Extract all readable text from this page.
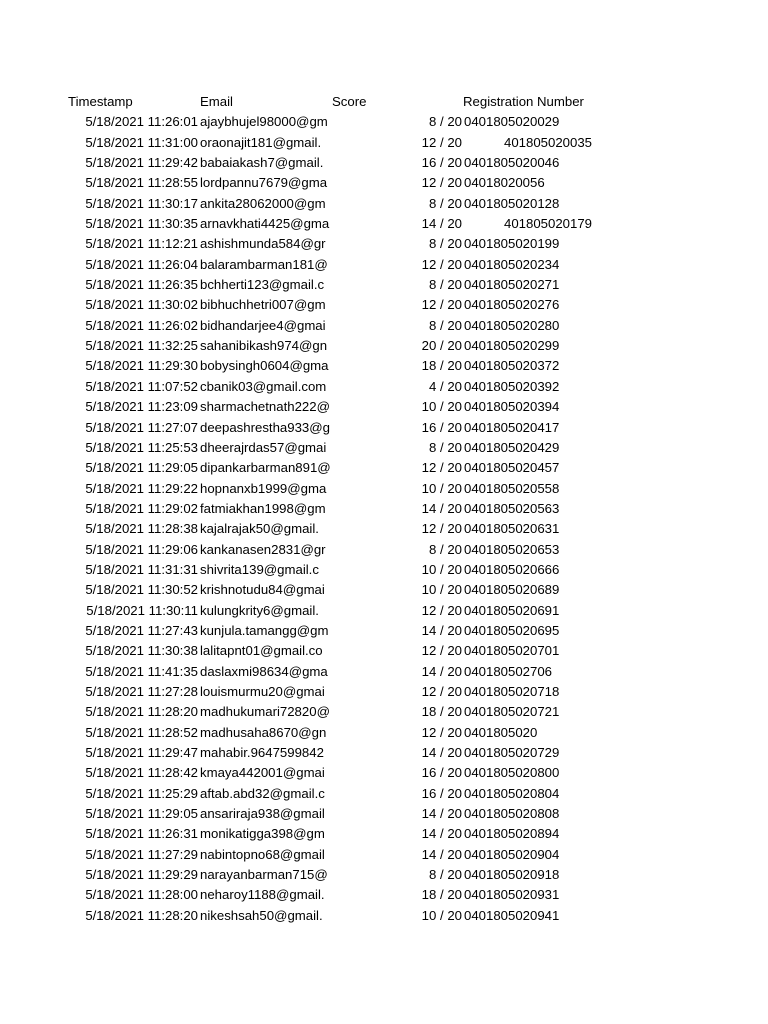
Timestamp	Email	Score	Registration Number
5/18/2021 11:26:01 ajaybhujel98000@gm	8 / 20 0401805020029
5/18/2021 11:31:00 oraonajit181@gmail.	12 / 20	401805020035
5/18/2021 11:29:42 babaiakash7@gmail.	16 / 20 0401805020046
5/18/2021 11:28:55 lordpannu7679@gma	12 / 20 04018020056
5/18/2021 11:30:17 ankita28062000@gm	8 / 20 0401805020128
5/18/2021 11:30:35 arnavkhati4425@gma	14 / 20	401805020179
5/18/2021 11:12:21 ashishmunda584@gr	8 / 20 0401805020199
5/18/2021 11:26:04 balarambarman181@	12 / 20 0401805020234
5/18/2021 11:26:35 bchherti123@gmail.c	8 / 20 0401805020271
5/18/2021 11:30:02 bibhuchhetri007@gm	12 / 20 0401805020276
5/18/2021 11:26:02 bidhandarjee4@gmai	8 / 20 0401805020280
5/18/2021 11:32:25 sahanibikash974@gn	20 / 20 0401805020299
5/18/2021 11:29:30 bobysingh0604@gma	18 / 20 0401805020372
5/18/2021 11:07:52 cbanik03@gmail.com	4 / 20 0401805020392
5/18/2021 11:23:09 sharmachetnath222@	10 / 20 0401805020394
5/18/2021 11:27:07 deepashrestha933@g	16 / 20 0401805020417
5/18/2021 11:25:53 dheerajrdas57@gmai	8 / 20 0401805020429
5/18/2021 11:29:05 dipankarbarman891@	12 / 20 0401805020457
5/18/2021 11:29:22 hopnanxb1999@gma	10 / 20 0401805020558
5/18/2021 11:29:02 fatmiakhan1998@gm	14 / 20 0401805020563
5/18/2021 11:28:38 kajalrajak50@gmail.	12 / 20 0401805020631
5/18/2021 11:29:06 kankanasen2831@gr	8 / 20 0401805020653
5/18/2021 11:31:31 shivrita139@gmail.c	10 / 20 0401805020666
5/18/2021 11:30:52 krishnotudu84@gmai	10 / 20 0401805020689
5/18/2021 11:30:11 kulungkrity6@gmail.	12 / 20 0401805020691
5/18/2021 11:27:43 kunjula.tamangg@gm	14 / 20 0401805020695
5/18/2021 11:30:38 lalitapnt01@gmail.co	12 / 20 0401805020701
5/18/2021 11:41:35 daslaxmi98634@gma	14 / 20 040180502706
5/18/2021 11:27:28 louismurmu20@gmai	12 / 20 0401805020718
5/18/2021 11:28:20 madhukumari72820@	18 / 20 0401805020721
5/18/2021 11:28:52 madhusaha8670@gn	12 / 20 0401805020
5/18/2021 11:29:47 mahabir.9647599842	14 / 20 0401805020729
5/18/2021 11:28:42 kmaya442001@gmai	16 / 20 0401805020800
5/18/2021 11:25:29 aftab.abd32@gmail.c	16 / 20 0401805020804
5/18/2021 11:29:05 ansariraja938@gmail	14 / 20 0401805020808
5/18/2021 11:26:31 monikatigga398@gm	14 / 20 0401805020894
5/18/2021 11:27:29 nabintopno68@gmail	14 / 20 0401805020904
5/18/2021 11:29:29 narayanbarman715@	8 / 20 0401805020918
5/18/2021 11:28:00 neharoy1188@gmail.	18 / 20 0401805020931
5/18/2021 11:28:20 nikeshsah50@gmail.	10 / 20 0401805020941
